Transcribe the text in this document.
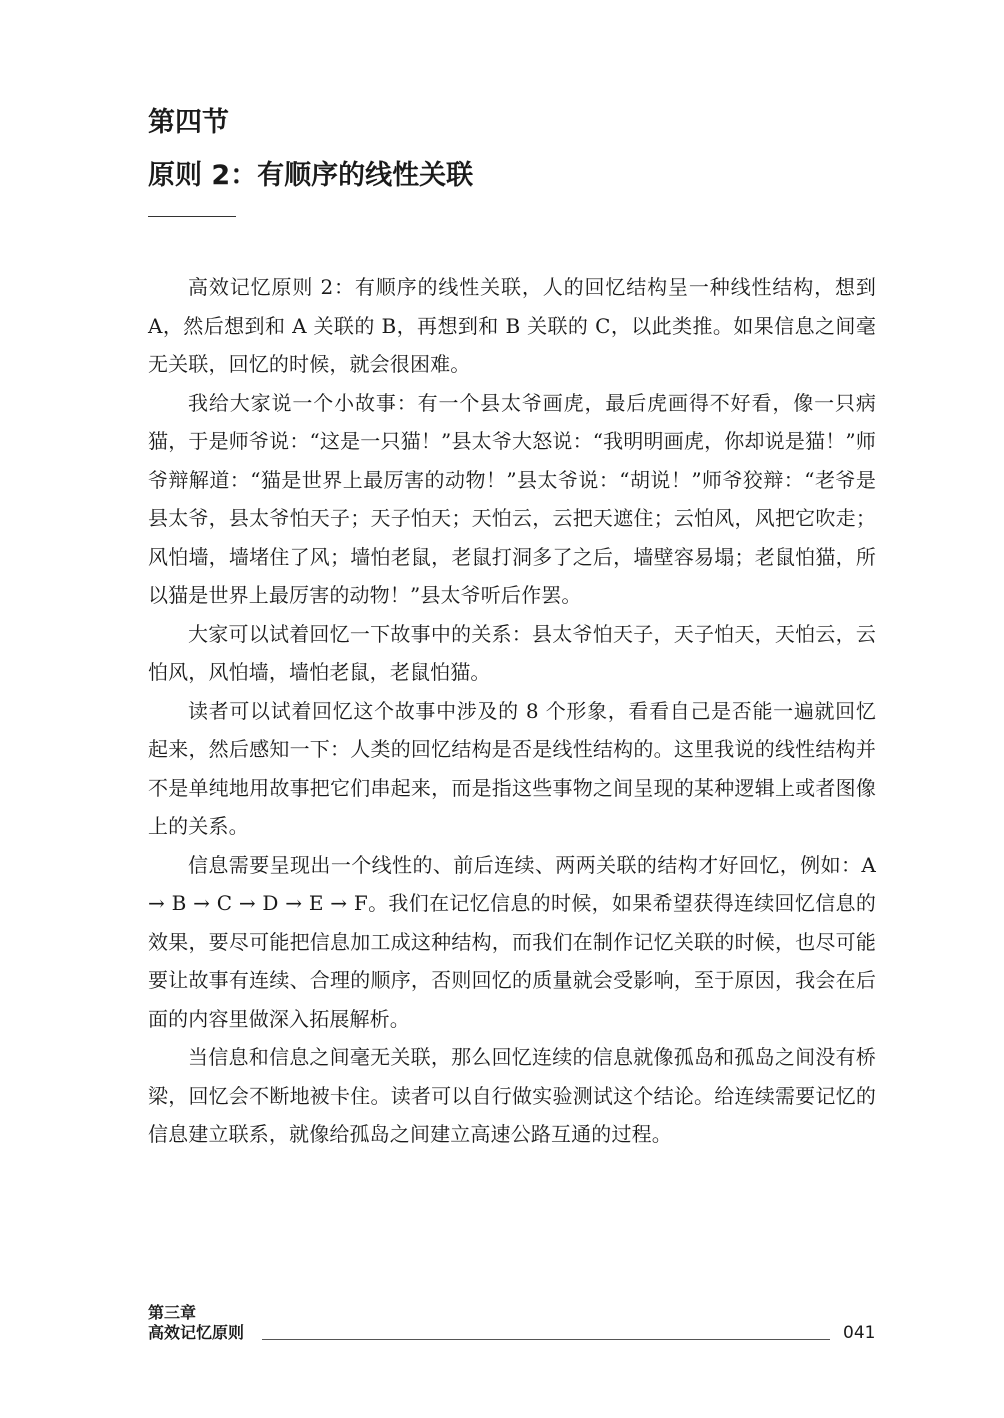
第四节
原则 2：有顺序的线性关联

高效记忆原则 2：有顺序的线性关联，人的回忆结构呈一种线性结构，想到 A，然后想到和 A 关联的 B，再想到和 B 关联的 C，以此类推。如果信息之间毫无关联，回忆的时候，就会很困难。

我给大家说一个小故事：有一个县太爷画虎，最后虎画得不好看，像一只病猫，于是师爷说：“这是一只猫！”县太爷大怒说：“我明明画虎，你却说是猫！”师爷辩解道：“猫是世界上最厉害的动物！”县太爷说：“胡说！”师爷狡辩：“老爷是县太爷，县太爷怕天子；天子怕天；天怕云，云把天遮住；云怕风，风把它吹走；风怕墙，墙堵住了风；墙怕老鼠，老鼠打洞多了之后，墙壁容易塌；老鼠怕猫，所以猫是世界上最厉害的动物！”县太爷听后作罢。

大家可以试着回忆一下故事中的关系：县太爷怕天子，天子怕天，天怕云，云怕风，风怕墙，墙怕老鼠，老鼠怕猫。

读者可以试着回忆这个故事中涉及的 8 个形象，看看自己是否能一遍就回忆起来，然后感知一下：人类的回忆结构是否是线性结构的。这里我说的线性结构并不是单纯地用故事把它们串起来，而是指这些事物之间呈现的某种逻辑上或者图像上的关系。

信息需要呈现出一个线性的、前后连续、两两关联的结构才好回忆，例如：A → B → C → D → E → F。我们在记忆信息的时候，如果希望获得连续回忆信息的效果，要尽可能把信息加工成这种结构，而我们在制作记忆关联的时候，也尽可能要让故事有连续、合理的顺序，否则回忆的质量就会受影响，至于原因，我会在后面的内容里做深入拓展解析。

当信息和信息之间毫无关联，那么回忆连续的信息就像孤岛和孤岛之间没有桥梁，回忆会不断地被卡住。读者可以自行做实验测试这个结论。给连续需要记忆的信息建立联系，就像给孤岛之间建立高速公路互通的过程。

第三章
高效记忆原则	041
